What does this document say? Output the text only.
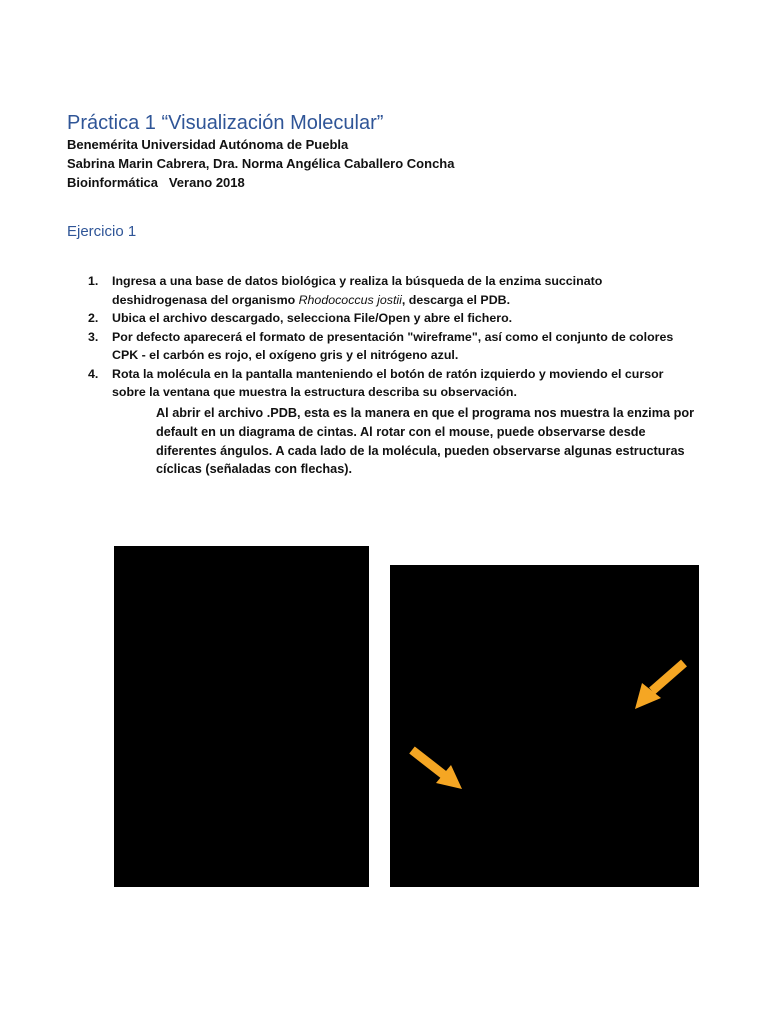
Práctica 1 “Visualización Molecular”
Benemérita Universidad Autónoma de Puebla
Sabrina Marin Cabrera, Dra. Norma Angélica Caballero Concha
Bioinformática   Verano 2018
Ejercicio 1
1.	Ingresa a una base de datos biológica y realiza la búsqueda de la enzima succinato deshidrogenasa del organismo Rhodococcus jostii, descarga el PDB.
2.	Ubica el archivo descargado, selecciona File/Open y abre el fichero.
3.	Por defecto aparecerá el formato de presentación "wireframe", así como el conjunto de colores CPK - el carbón es rojo, el oxígeno gris y el nitrógeno azul.
4.	Rota la molécula en la pantalla manteniendo el botón de ratón izquierdo y moviendo el cursor sobre la ventana que muestra la estructura describa su observación.

Al abrir el archivo .PDB, esta es la manera en que el programa nos muestra la enzima por default en un diagrama de cintas. Al rotar con el mouse, puede observarse desde diferentes ángulos. A cada lado de la molécula, pueden observarse algunas estructuras cíclicas (señaladas con flechas).
